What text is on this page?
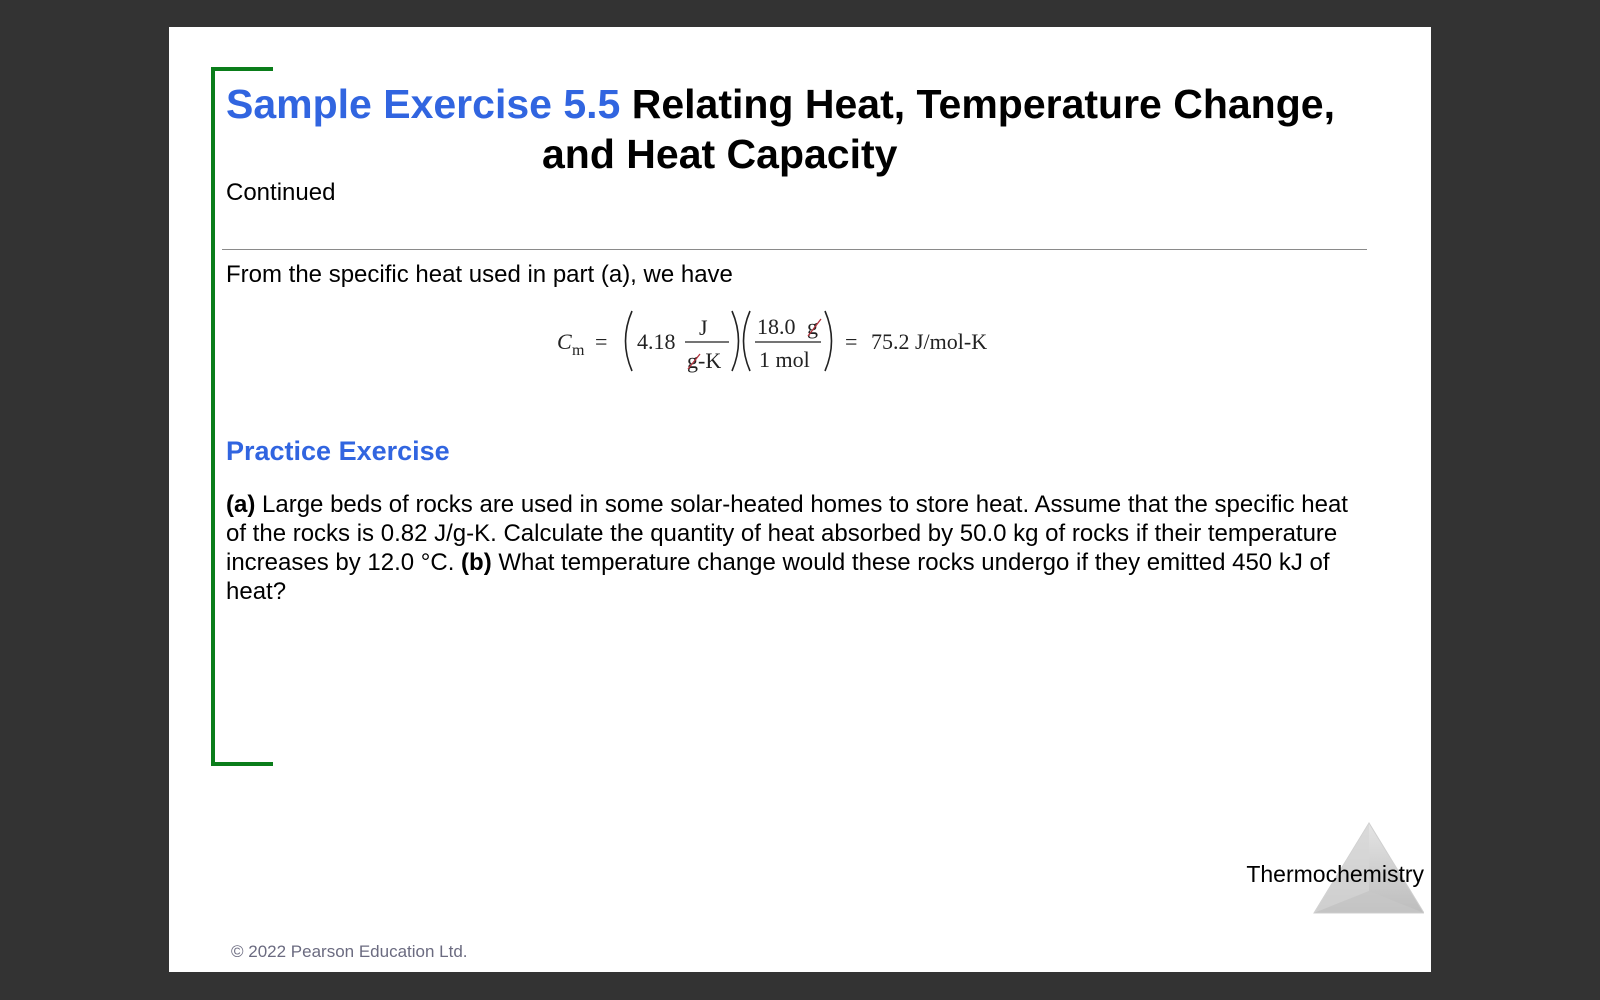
Sample Exercise 5.5 Relating Heat, Temperature Change,
and Heat Capacity
Continued
From the specific heat used in part (a), we have
C m = 4.18
J
g -K
18.0 g
1 mol
= 75.2 J/mol-K
Practice Exercise
(a) Large beds of rocks are used in some solar-heated homes to store heat. Assume that the specific heat of the rocks is 0.82 J/g-K. Calculate the quantity of heat absorbed by 50.0 kg of rocks if their temperature increases by 12.0 °C. (b) What temperature change would these rocks undergo if they emitted 450 kJ of heat?
Thermochemistry
© 2022 Pearson Education Ltd.
